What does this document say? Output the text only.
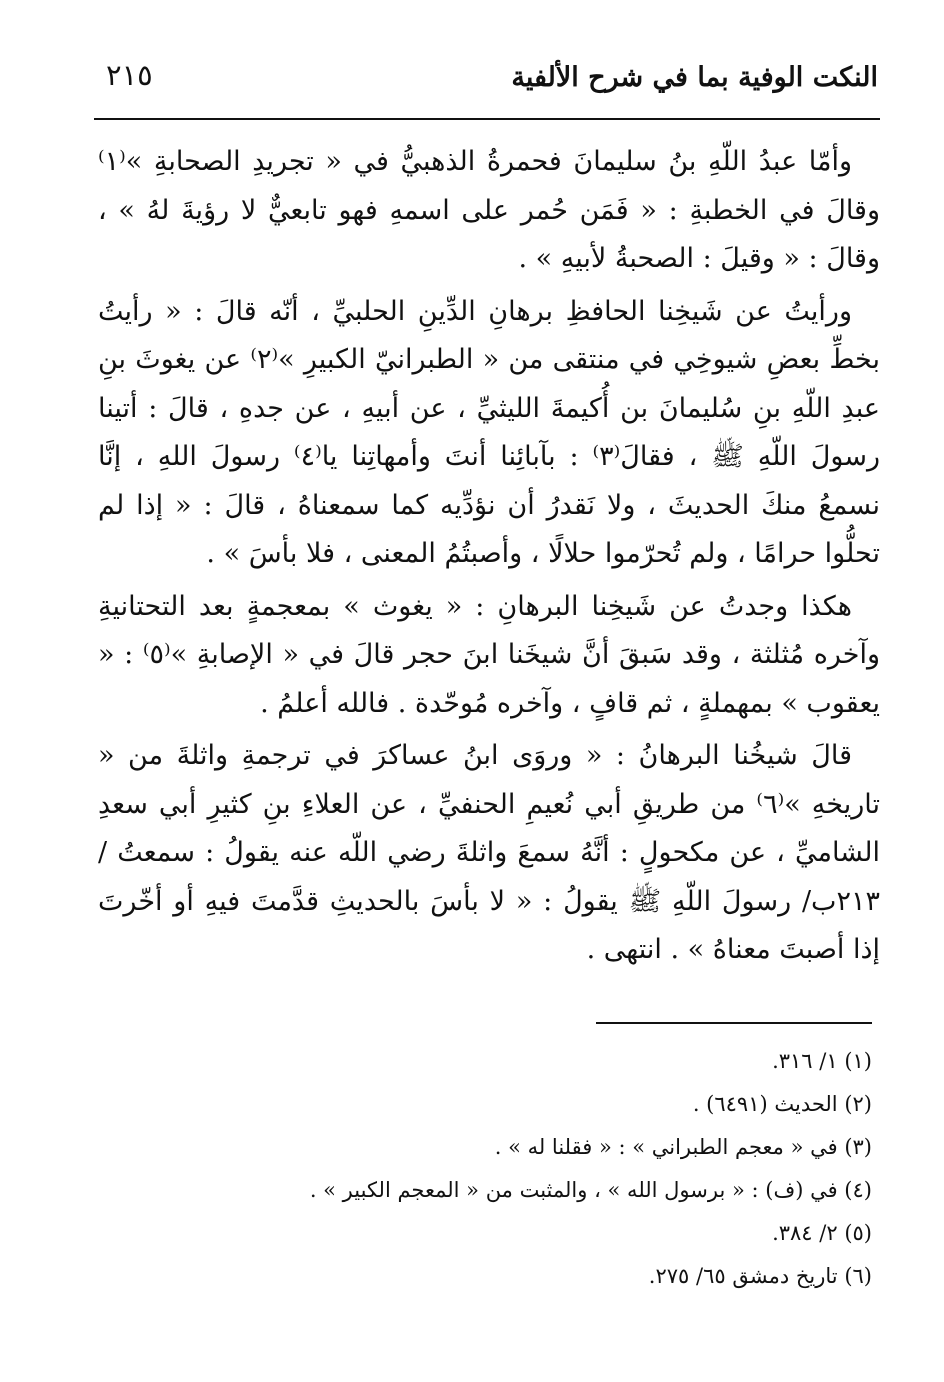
النكت الوفية بما في شرح الألفية
٢١٥

وأمّا عبدُ اللّهِ بنُ سليمانَ فحمرةُ الذهبيُّ في « تجريدِ الصحابةِ »⁽١⁾ وقالَ في الخطبةِ : « فَمَن حُمر على اسمهِ فهو تابعيٌّ لا رؤيةَ لهُ » ، وقالَ : « وقيلَ : الصحبةُ لأبيهِ » .

ورأيتُ عن شَيخِنا الحافظِ برهانِ الدِّينِ الحلبيِّ ، أنّه قالَ : « رأيتُ بخطِّ بعضِ شيوخِي في منتقى من « الطبرانيّ الكبيرِ »⁽٢⁾ عن يغوثَ بنِ عبدِ اللّهِ بنِ سُليمانَ بن أُكيمةَ الليثيِّ ، عن أبيهِ ، عن جدهِ ، قالَ : أتينا رسولَ اللّهِ ﷺ ، فقالَ⁽٣⁾ : بآبائِنا أنتَ وأمهاتِنا يا⁽٤⁾ رسولَ اللهِ ، إنَّا نسمعُ منكَ الحديثَ ، ولا نَقدرُ أن نؤدِّيه كما سمعناهُ ، قالَ : « إذا لم تحلُّوا حرامًا ، ولم تُحرّموا حلالًا ، وأصبتُمُ المعنى ، فلا بأسَ » .

هكذا وجدتُ عن شَيخِنا البرهانِ : « يغوث » بمعجمةٍ بعد التحتانيةِ وآخره مُثلثة ، وقد سَبقَ أنَّ شيخَنا ابنَ حجر قالَ في « الإصابةِ »⁽٥⁾ : « يعقوب » بمهملةٍ ، ثم قافٍ ، وآخره مُوحّدة . فالله أعلمُ .

قالَ شيخُنا البرهانُ : « وروَى ابنُ عساكرَ في ترجمةِ واثلةَ من « تاريخهِ »⁽٦⁾ من طريقِ أبي نُعيمِ الحنفيِّ ، عن العلاءِ بنِ كثيرِ أبي سعدِ الشاميِّ ، عن مكحولٍ : أنَّهُ سمعَ واثلةَ رضي اللّه عنه يقولُ : سمعتُ /٢١٣ب/ رسولَ اللّهِ ﷺ يقولُ : « لا بأسَ بالحديثِ قدَّمتَ فيهِ أو أخّرتَ إذا أصبتَ معناهُ » . انتهى .

(١) ١/ ٣١٦.
(٢) الحديث (٦٤٩١) .
(٣) في « معجم الطبراني » : « فقلنا له » .
(٤) في (ف) : « برسول الله » ، والمثبت من « المعجم الكبير » .
(٥) ٢/ ٣٨٤.
(٦) تاريخ دمشق ٦٥/ ٢٧٥.
